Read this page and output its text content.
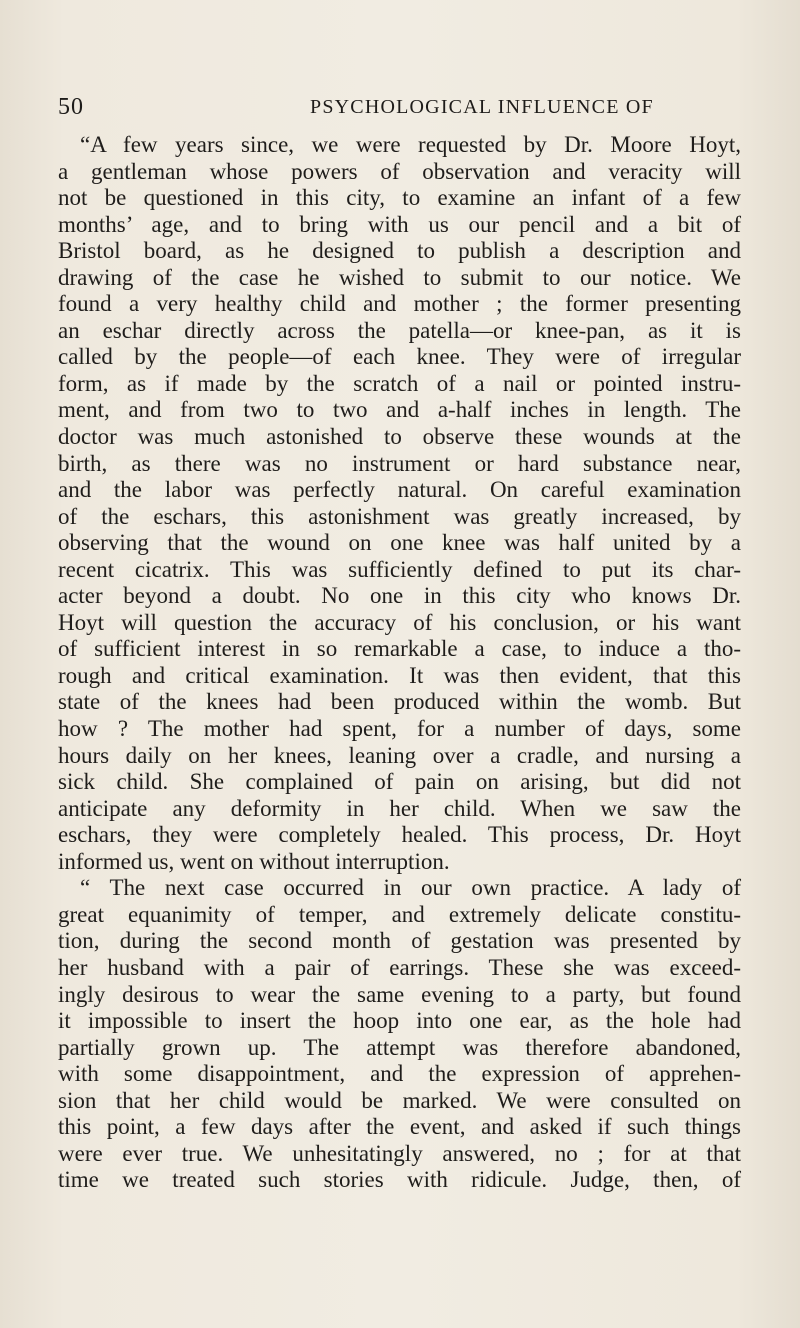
50	PSYCHOLOGICAL INFLUENCE OF
“A few years since, we were requested by Dr. Moore Hoyt,
a gentleman whose powers of observation and veracity will
not be questioned in this city, to examine an infant of a few
months’ age, and to bring with us our pencil and a bit of
Bristol board, as he designed to publish a description and
drawing of the case he wished to submit to our notice. We
found a very healthy child and mother ; the former presenting
an eschar directly across the patella—or knee-pan, as it is
called by the people—of each knee. They were of irregular
form, as if made by the scratch of a nail or pointed instru-
ment, and from two to two and a-half inches in length. The
doctor was much astonished to observe these wounds at the
birth, as there was no instrument or hard substance near,
and the labor was perfectly natural. On careful examination
of the eschars, this astonishment was greatly increased, by
observing that the wound on one knee was half united by a
recent cicatrix. This was sufficiently defined to put its char-
acter beyond a doubt. No one in this city who knows Dr.
Hoyt will question the accuracy of his conclusion, or his want
of sufficient interest in so remarkable a case, to induce a tho-
rough and critical examination. It was then evident, that this
state of the knees had been produced within the womb. But
how ? The mother had spent, for a number of days, some
hours daily on her knees, leaning over a cradle, and nursing a
sick child. She complained of pain on arising, but did not
anticipate any deformity in her child. When we saw the
eschars, they were completely healed. This process, Dr. Hoyt
informed us, went on without interruption.
“ The next case occurred in our own practice. A lady of
great equanimity of temper, and extremely delicate constitu-
tion, during the second month of gestation was presented by
her husband with a pair of earrings. These she was exceed-
ingly desirous to wear the same evening to a party, but found
it impossible to insert the hoop into one ear, as the hole had
partially grown up. The attempt was therefore abandoned,
with some disappointment, and the expression of apprehen-
sion that her child would be marked. We were consulted on
this point, a few days after the event, and asked if such things
were ever true. We unhesitatingly answered, no ; for at that
time we treated such stories with ridicule. Judge, then, of
